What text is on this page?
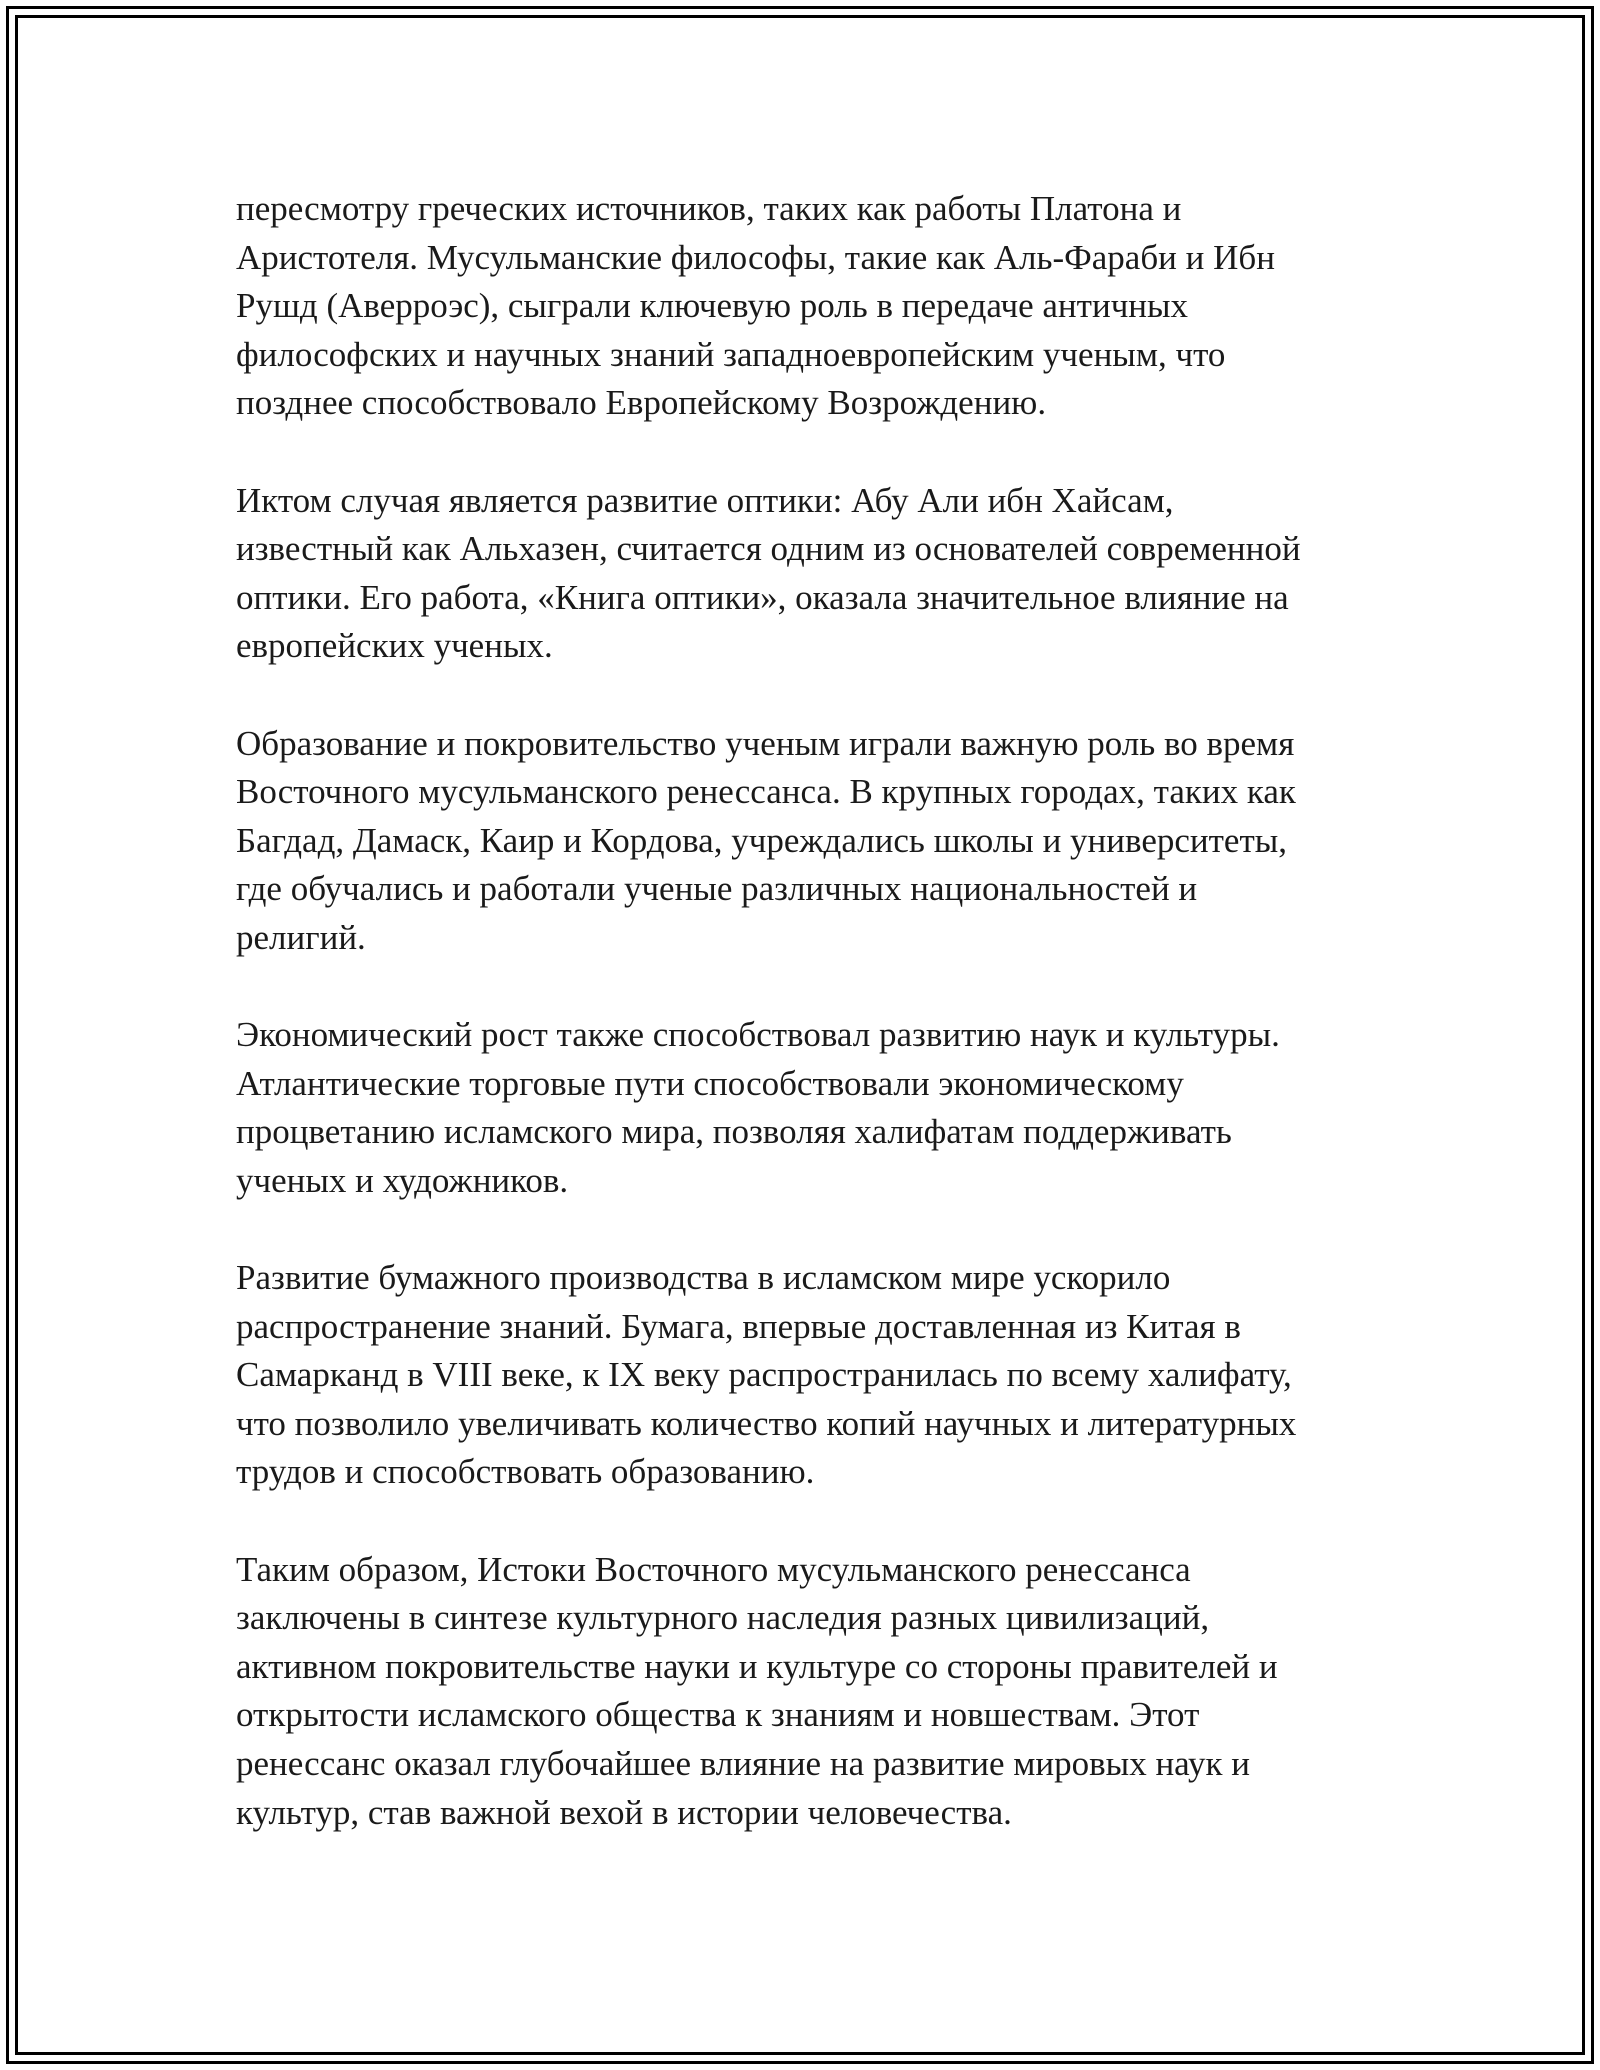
пересмотру греческих источников, таких как работы Платона и
Аристотеля. Мусульманские философы, такие как Аль-Фараби и Ибн
Рушд (Аверроэс), сыграли ключевую роль в передаче античных
философских и научных знаний западноевропейским ученым, что
позднее способствовало Европейскому Возрождению.

Иктом случая является развитие оптики: Абу Али ибн Хайсам,
известный как Альхазен, считается одним из основателей современной
оптики. Его работа, «Книга оптики», оказала значительное влияние на
европейских ученых.

Образование и покровительство ученым играли важную роль во время
Восточного мусульманского ренессанса. В крупных городах, таких как
Багдад, Дамаск, Каир и Кордова, учреждались школы и университеты,
где обучались и работали ученые различных национальностей и
религий.

Экономический рост также способствовал развитию наук и культуры.
Атлантические торговые пути способствовали экономическому
процветанию исламского мира, позволяя халифатам поддерживать
ученых и художников.

Развитие бумажного производства в исламском мире ускорило
распространение знаний. Бумага, впервые доставленная из Китая в
Самарканд в VIII веке, к IX веку распространилась по всему халифату,
что позволило увеличивать количество копий научных и литературных
трудов и способствовать образованию.

Таким образом, Истоки Восточного мусульманского ренессанса
заключены в синтезе культурного наследия разных цивилизаций,
активном покровительстве науки и культуре со стороны правителей и
открытости исламского общества к знаниям и новшествам. Этот
ренессанс оказал глубочайшее влияние на развитие мировых наук и
культур, став важной вехой в истории человечества.
